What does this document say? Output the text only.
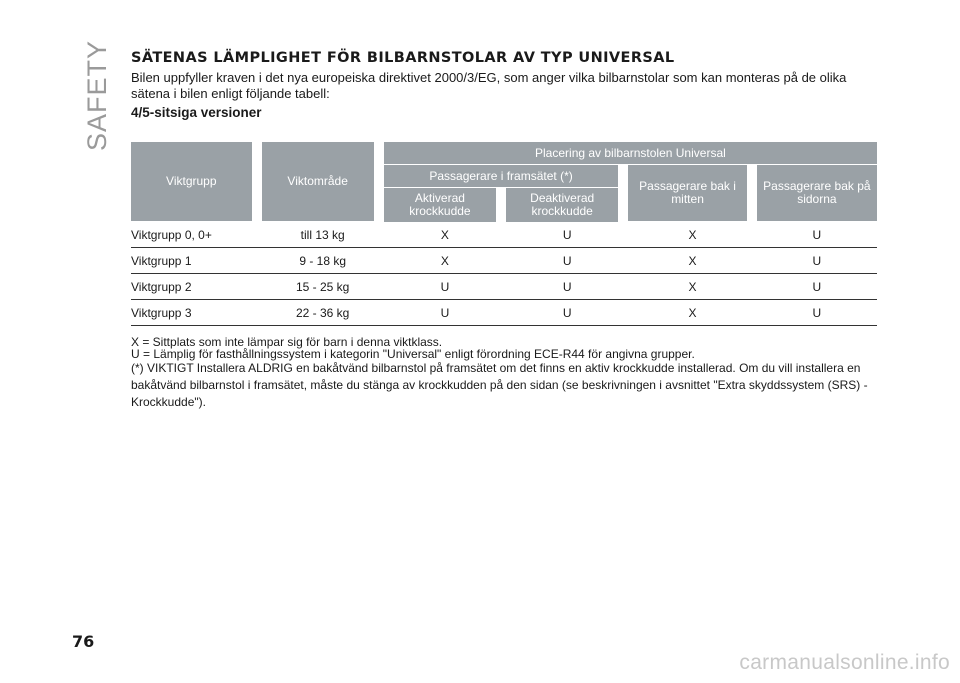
SAFETY SÄTENAS LÄMPLIGHET FÖR BILBARNSTOLAR AV TYP UNIVERSAL

Bilen uppfyller kraven i det nya europeiska direktivet 2000/3/EG, som anger vilka bilbarnstolar som kan monteras på de olika sätena i bilen enligt följande tabell:

4/5-sitsiga versioner

Viktgrupp	Viktområde	Placering av bilbarnstolen Universal			
		Passagerare i framsätet (*)		Passagerare bak i mitten	Passagerare bak på sidorna
		Aktiverad krockkudde	Deaktiverad krockkudde		
Viktgrupp 0, 0+	till 13 kg	X	U	X	U
Viktgrupp 1	9 - 18 kg	X	U	X	U
Viktgrupp 2	15 - 25 kg	U	U	X	U
Viktgrupp 3	22 - 36 kg	U	U	X	U

X = Sittplats som inte lämpar sig för barn i denna viktklass.

U = Lämplig för fasthållningssystem i kategorin "Universal" enligt förordning ECE-R44 för angivna grupper.

(*) VIKTIGT Installera ALDRIG en bakåtvänd bilbarnstol på framsätet om det finns en aktiv krockkudde installerad. Om du vill installera en bakåtvänd bilbarnstol i framsätet, måste du stänga av krockkudden på den sidan (se beskrivningen i avsnittet "Extra skyddssystem (SRS) - Krockkudde").

76
carmanualsonline.info
